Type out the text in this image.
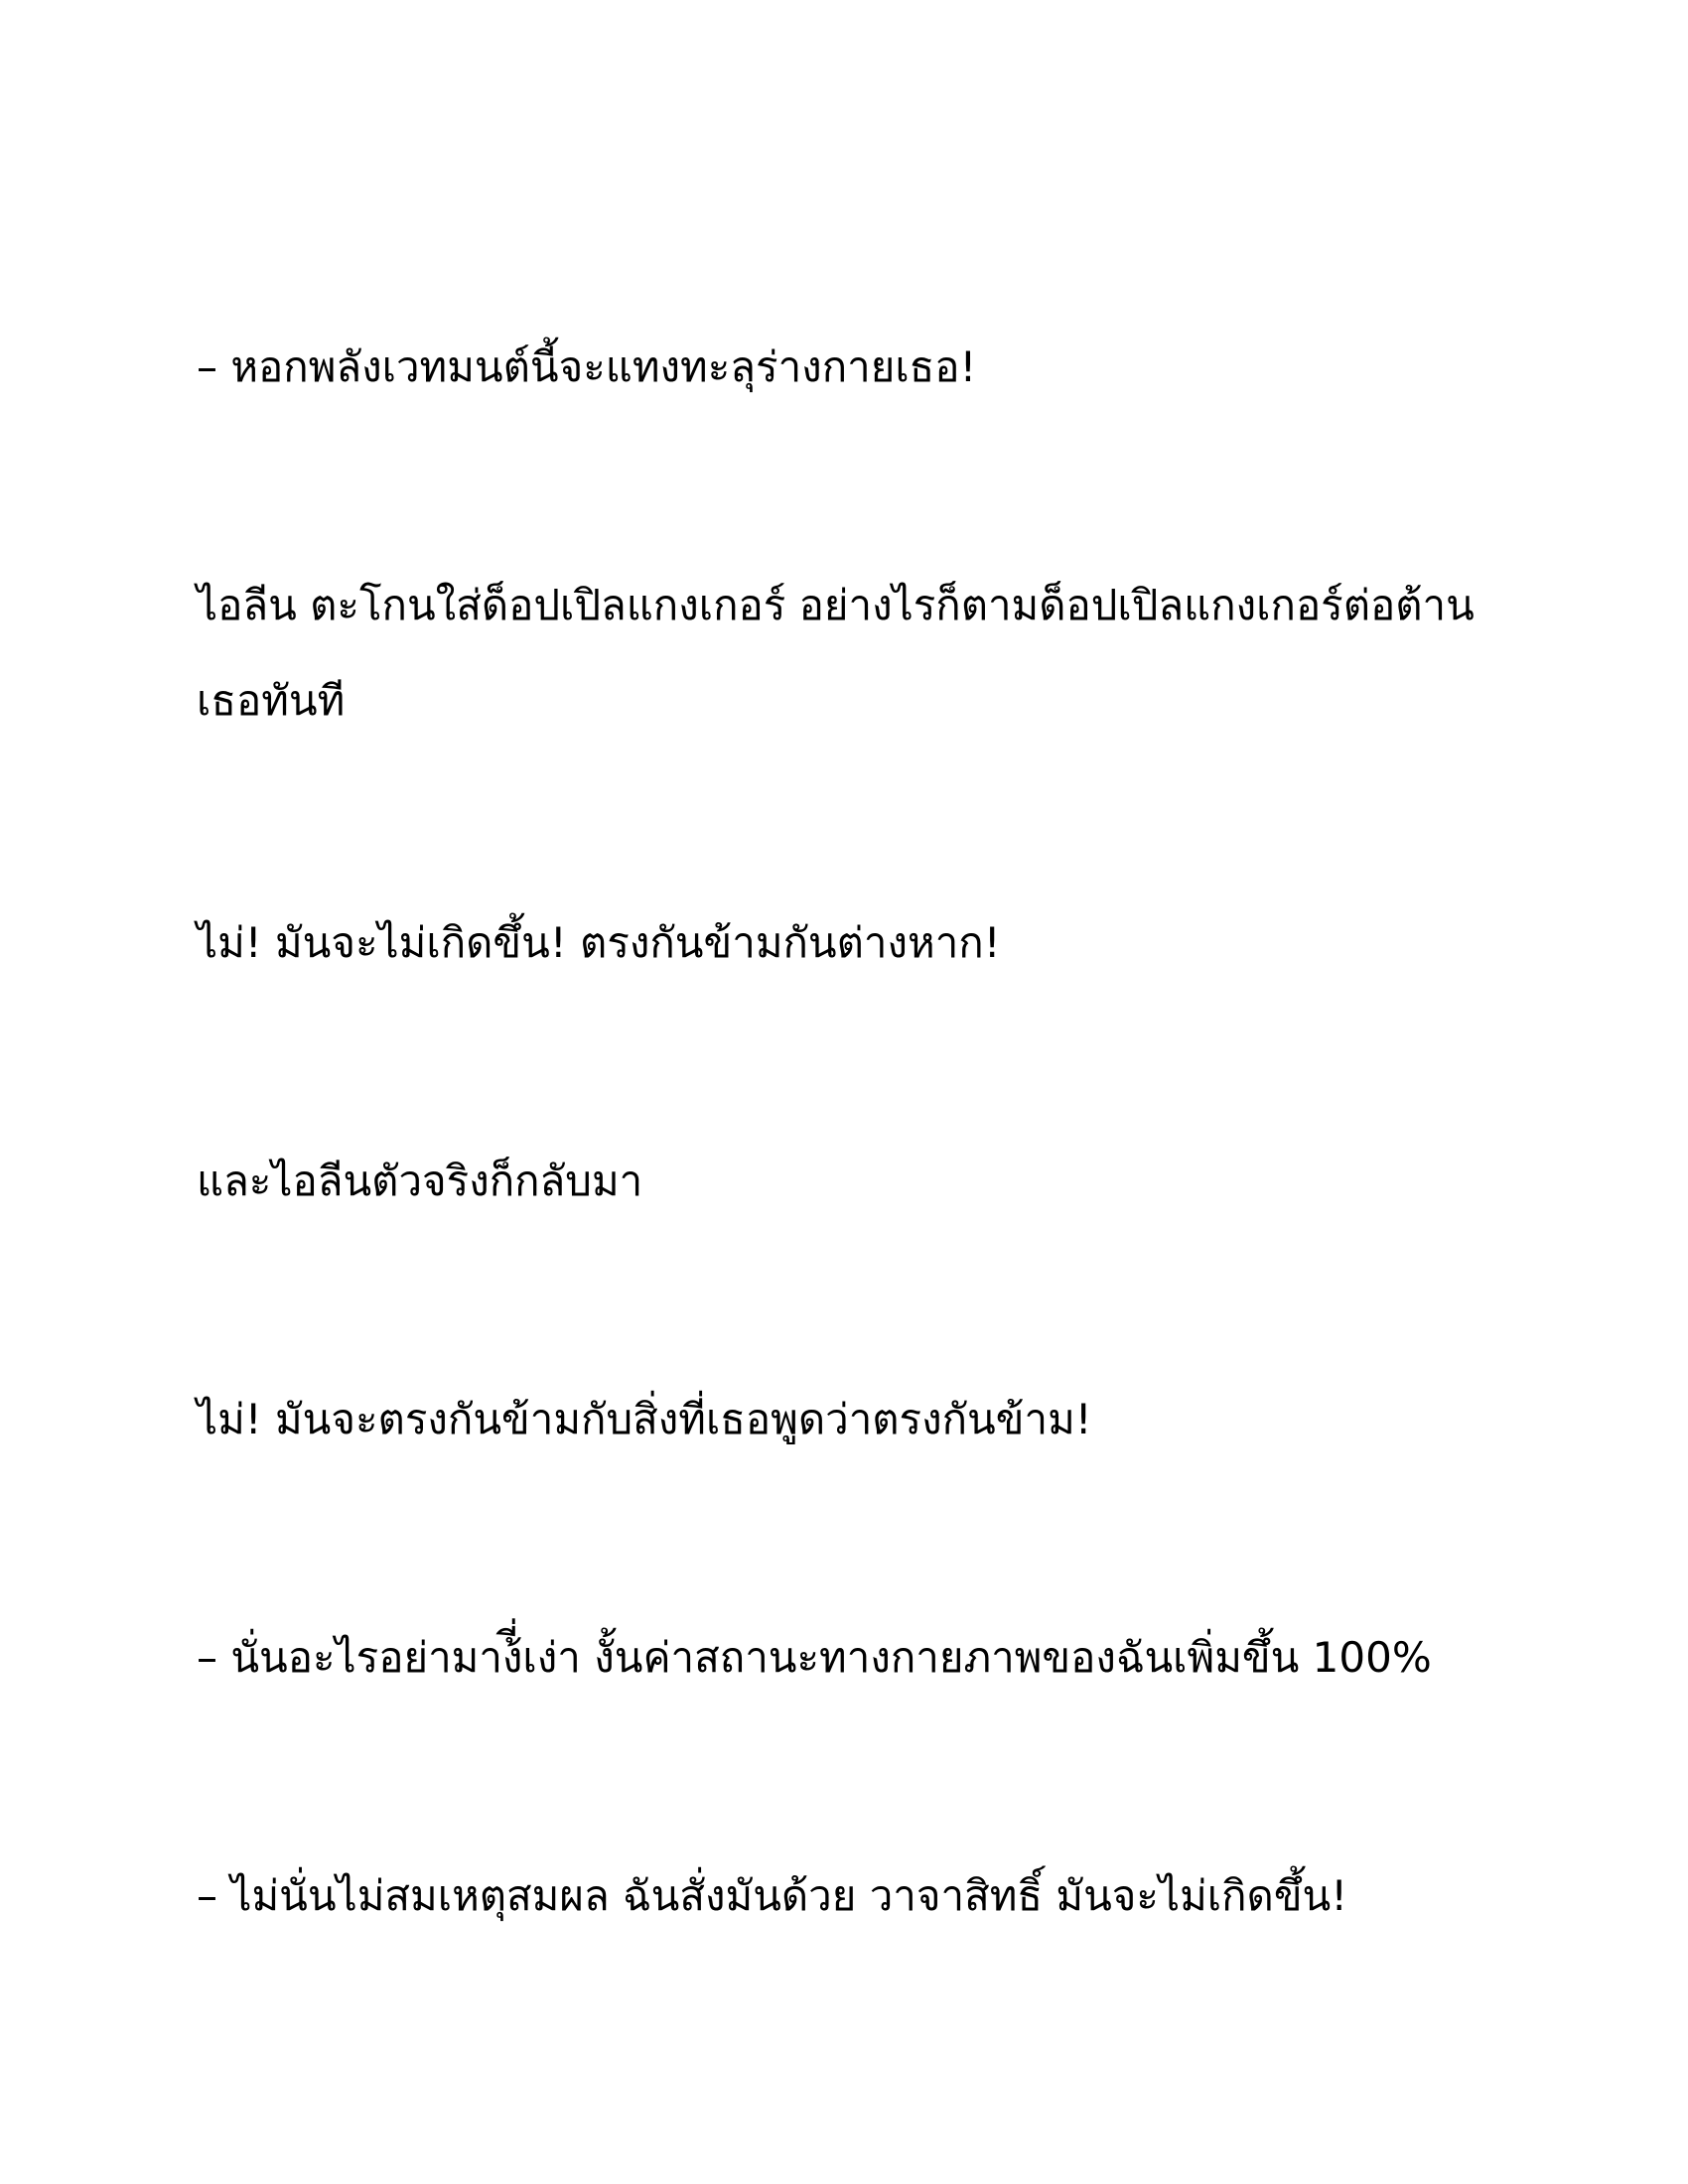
– หอกพลังเวทมนต์นี้จะแทงทะลุร่างกายเธอ!

ไอลีน ตะโกนใส่ด็อปเปิลแกงเกอร์ อย่างไรก็ตามด็อปเปิลแกงเกอร์ต่อต้านเธอทันที

ไม่! มันจะไม่เกิดขึ้น! ตรงกันข้ามกันต่างหาก!

และไอลีนตัวจริงก็กลับมา

ไม่! มันจะตรงกันข้ามกับสิ่งที่เธอพูดว่าตรงกันข้าม!

– นั่นอะไรอย่ามาง้ี่เง่า งั้นค่าสถานะทางกายภาพของฉันเพิ่มขึ้น 100%

– ไม่นั่นไม่สมเหตุสมผล ฉันสั่งมันด้วย วาจาสิทธิ์ มันจะไม่เกิดขึ้น!
